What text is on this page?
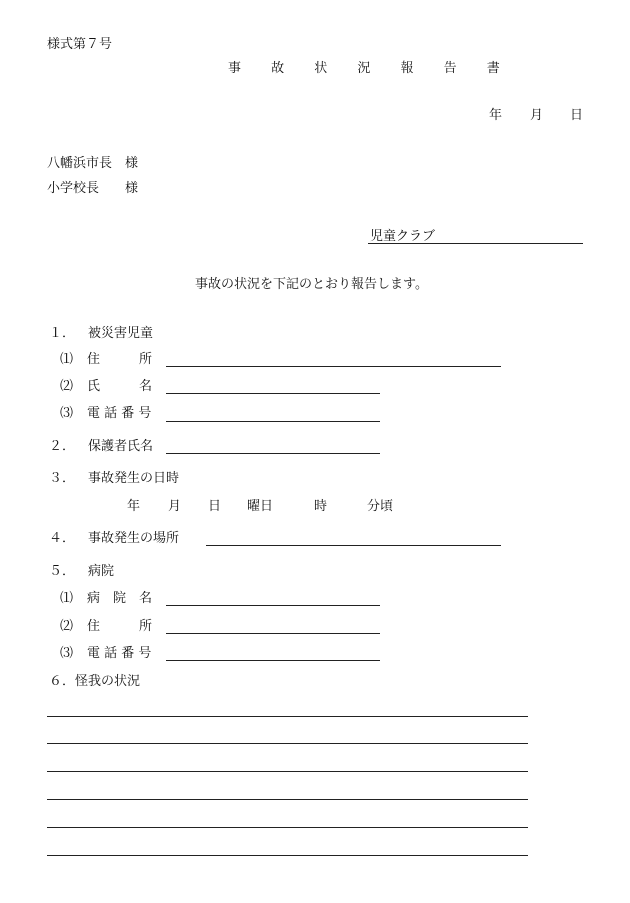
様式第７号
事 故 状 況 報 告 書
年 月 日
八幡浜市長　様
小学校長　　様
児童クラブ
事故の状況を下記のとおり報告します。
１． 被災害児童
⑴ 住　　　所
⑵ 氏　　　名
⑶ 電 話 番 号
２． 保護者氏名
３． 事故発生の日時
年 月 日 曜日	時	分頃
４． 事故発生の場所
５． 病院
⑴ 病　院　名
⑵ 住　　　所
⑶ 電 話 番 号
６．怪我の状況
